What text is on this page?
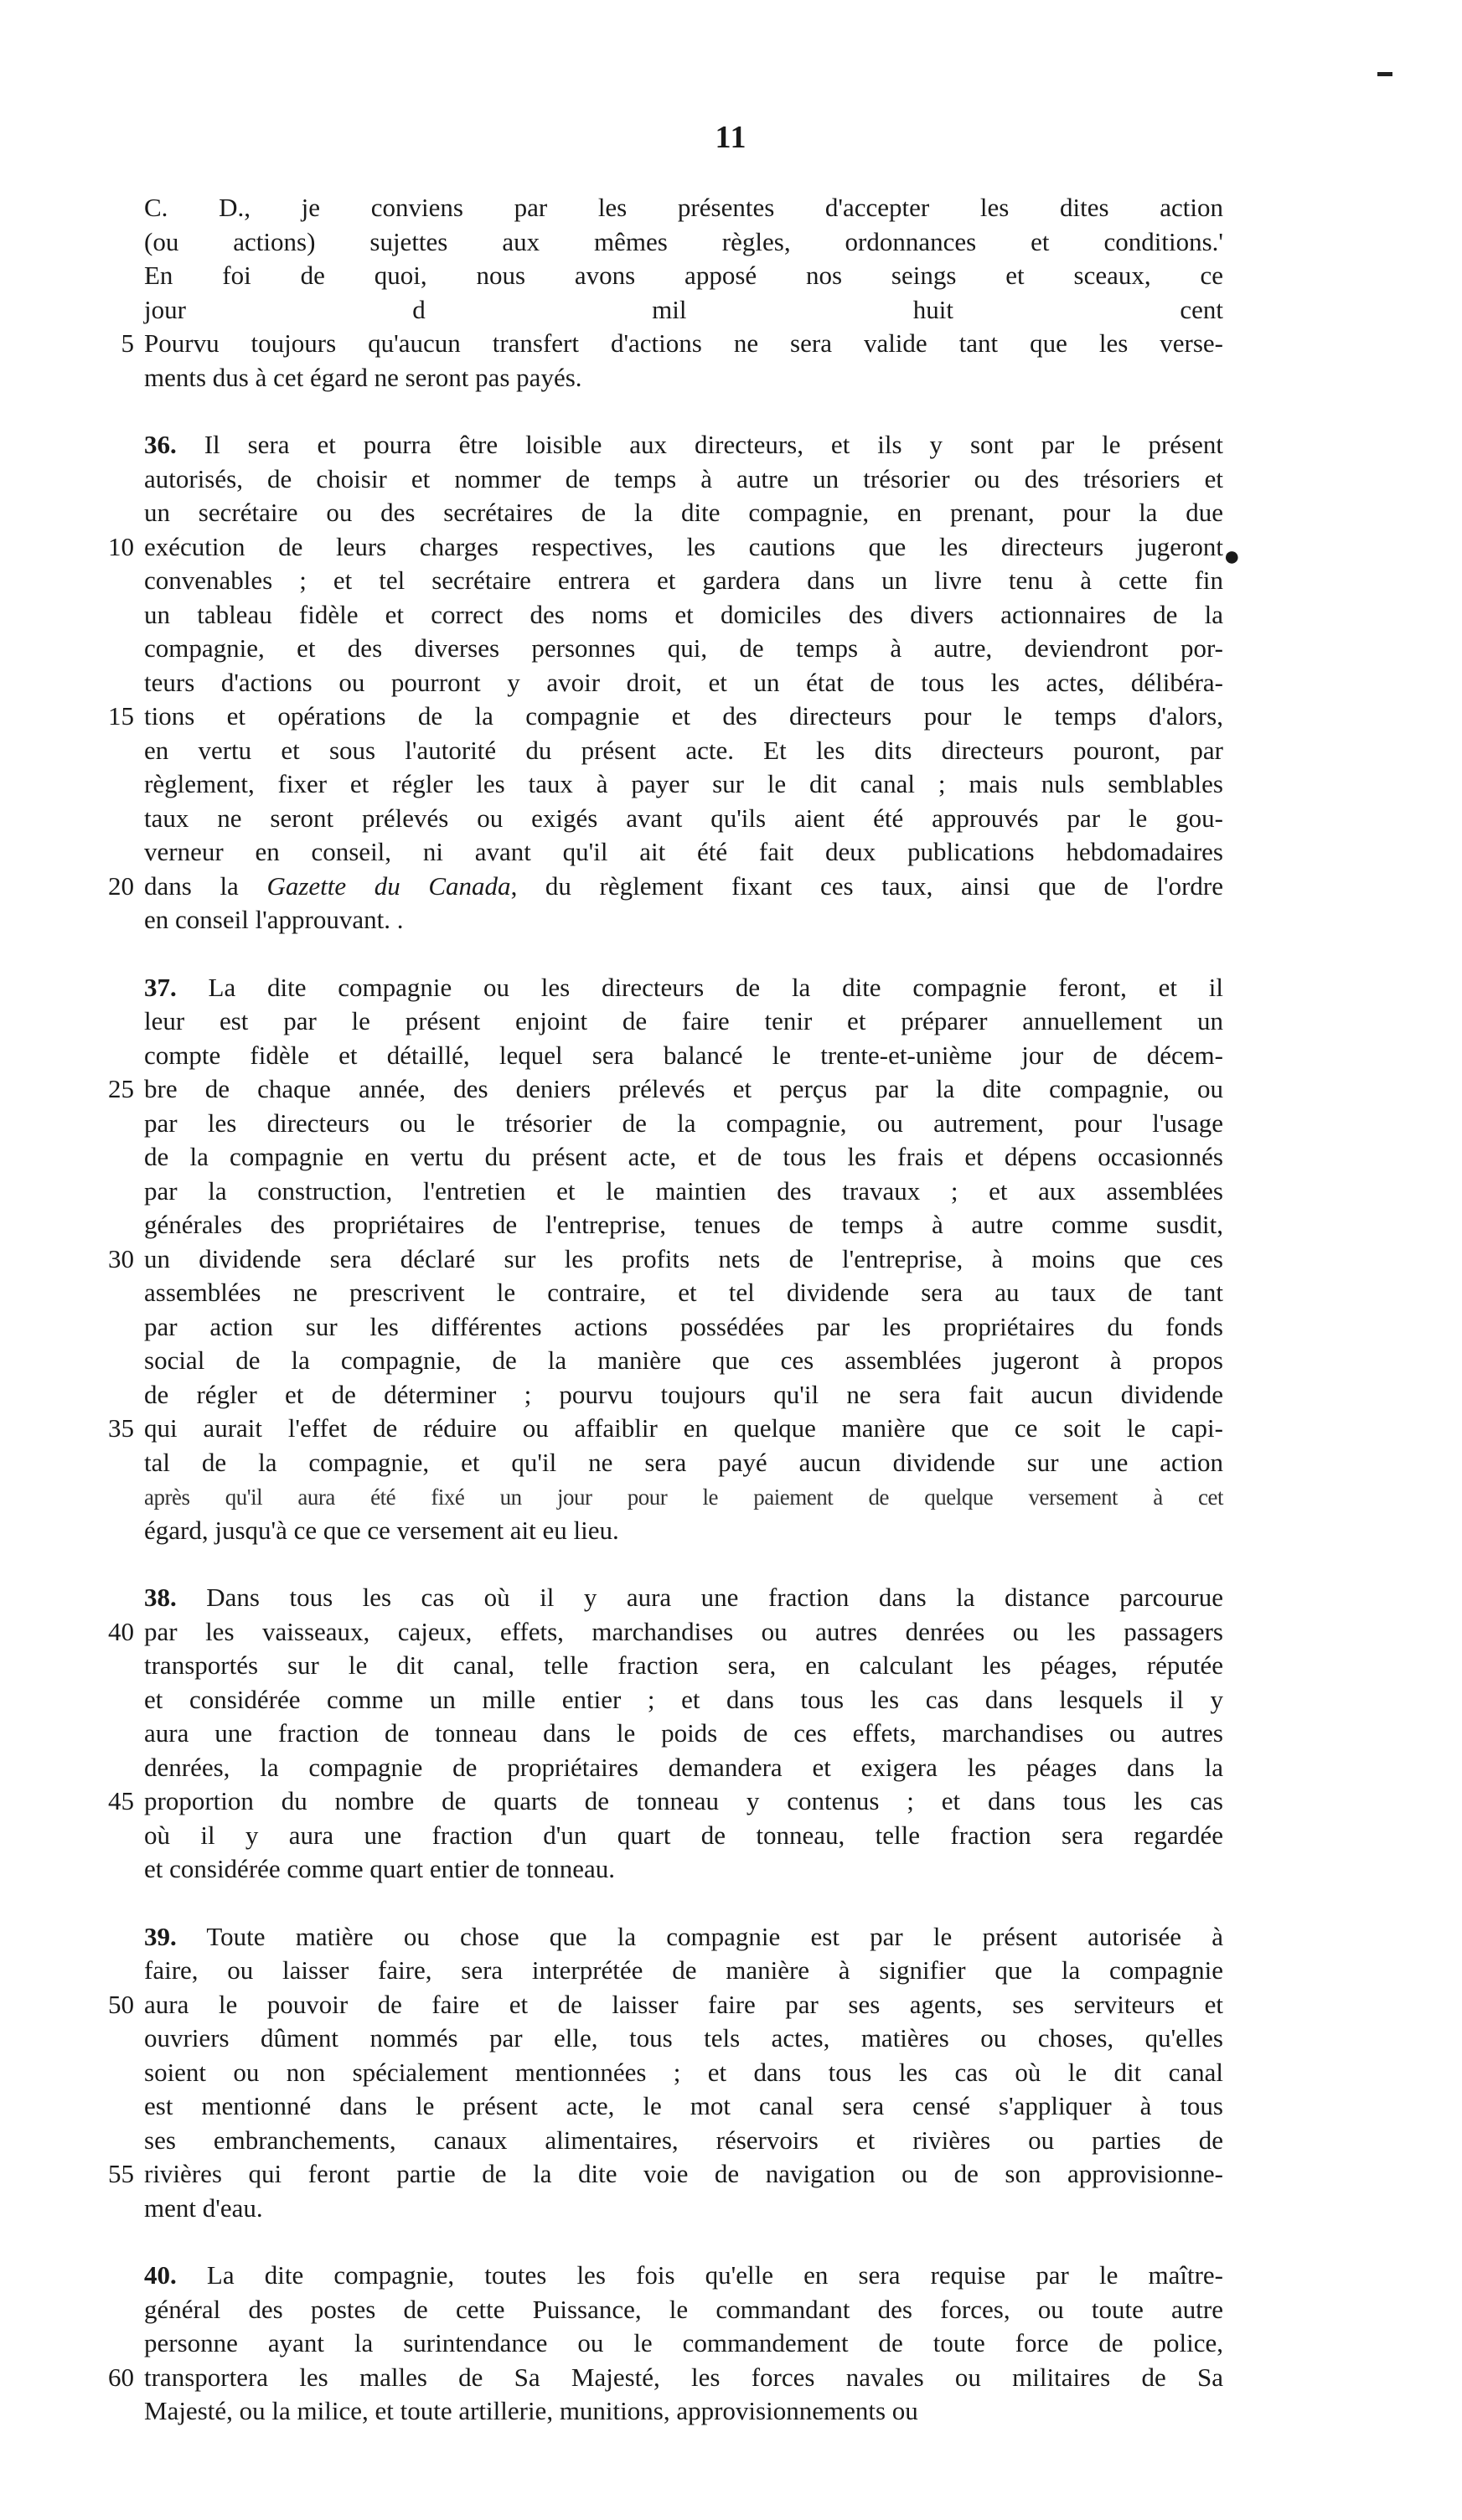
11
C. D., je conviens par les présentes d'accepter les dites action
(ou actions) sujettes aux mêmes règles, ordonnances et conditions.'
En foi de quoi, nous avons apposé nos seings et sceaux, ce
jour d mil huit cent
5 Pourvu toujours qu'aucun transfert d'actions ne sera valide tant que les verse-
ments dus à cet égard ne seront pas payés.
36. Il sera et pourra être loisible aux directeurs, et ils y sont par le présent
autorisés, de choisir et nommer de temps à autre un trésorier ou des trésoriers et
un secrétaire ou des secrétaires de la dite compagnie, en prenant, pour la due
10 exécution de leurs charges respectives, les cautions que les directeurs jugeront
convenables ; et tel secrétaire entrera et gardera dans un livre tenu à cette fin
un tableau fidèle et correct des noms et domiciles des divers actionnaires de la
compagnie, et des diverses personnes qui, de temps à autre, deviendront por-
teurs d'actions ou pourront y avoir droit, et un état de tous les actes, délibéra-
15 tions et opérations de la compagnie et des directeurs pour le temps d'alors,
en vertu et sous l'autorité du présent acte. Et les dits directeurs pouront, par
règlement, fixer et régler les taux à payer sur le dit canal ; mais nuls semblables
taux ne seront prélevés ou exigés avant qu'ils aient été approuvés par le gou-
verneur en conseil, ni avant qu'il ait été fait deux publications hebdomadaires
20 dans la Gazette du Canada, du règlement fixant ces taux, ainsi que de l'ordre
en conseil l'approuvant. .
37. La dite compagnie ou les directeurs de la dite compagnie feront, et il
leur est par le présent enjoint de faire tenir et préparer annuellement un
compte fidèle et détaillé, lequel sera balancé le trente-et-unième jour de décem-
25 bre de chaque année, des deniers prélevés et perçus par la dite compagnie, ou
par les directeurs ou le trésorier de la compagnie, ou autrement, pour l'usage
de la compagnie en vertu du présent acte, et de tous les frais et dépens occasionnés
par la construction, l'entretien et le maintien des travaux ; et aux assemblées
générales des propriétaires de l'entreprise, tenues de temps à autre comme susdit,
30 un dividende sera déclaré sur les profits nets de l'entreprise, à moins que ces
assemblées ne prescrivent le contraire, et tel dividende sera au taux de tant
par action sur les différentes actions possédées par les propriétaires du fonds
social de la compagnie, de la manière que ces assemblées jugeront à propos
de régler et de déterminer ; pourvu toujours qu'il ne sera fait aucun dividende
35 qui aurait l'effet de réduire ou affaiblir en quelque manière que ce soit le capi-
tal de la compagnie, et qu'il ne sera payé aucun dividende sur une action
après qu'il aura été fixé un jour pour le paiement de quelque versement à cet
égard, jusqu'à ce que ce versement ait eu lieu.
38. Dans tous les cas où il y aura une fraction dans la distance parcourue
40 par les vaisseaux, cajeux, effets, marchandises ou autres denrées ou les passagers
transportés sur le dit canal, telle fraction sera, en calculant les péages, réputée
et considérée comme un mille entier ; et dans tous les cas dans lesquels il y
aura une fraction de tonneau dans le poids de ces effets, marchandises ou autres
denrées, la compagnie de propriétaires demandera et exigera les péages dans la
45 proportion du nombre de quarts de tonneau y contenus ; et dans tous les cas
où il y aura une fraction d'un quart de tonneau, telle fraction sera regardée
et considérée comme quart entier de tonneau.
39. Toute matière ou chose que la compagnie est par le présent autorisée à
faire, ou laisser faire, sera interprétée de manière à signifier que la compagnie
50 aura le pouvoir de faire et de laisser faire par ses agents, ses serviteurs et
ouvriers dûment nommés par elle, tous tels actes, matières ou choses, qu'elles
soient ou non spécialement mentionnées ; et dans tous les cas où le dit canal
est mentionné dans le présent acte, le mot canal sera censé s'appliquer à tous
ses embranchements, canaux alimentaires, réservoirs et rivières ou parties de
55 rivières qui feront partie de la dite voie de navigation ou de son approvisionne-
ment d'eau.
40. La dite compagnie, toutes les fois qu'elle en sera requise par le maître-
général des postes de cette Puissance, le commandant des forces, ou toute autre
personne ayant la surintendance ou le commandement de toute force de police,
60 transportera les malles de Sa Majesté, les forces navales ou militaires de Sa
Majesté, ou la milice, et toute artillerie, munitions, approvisionnements ou
●
